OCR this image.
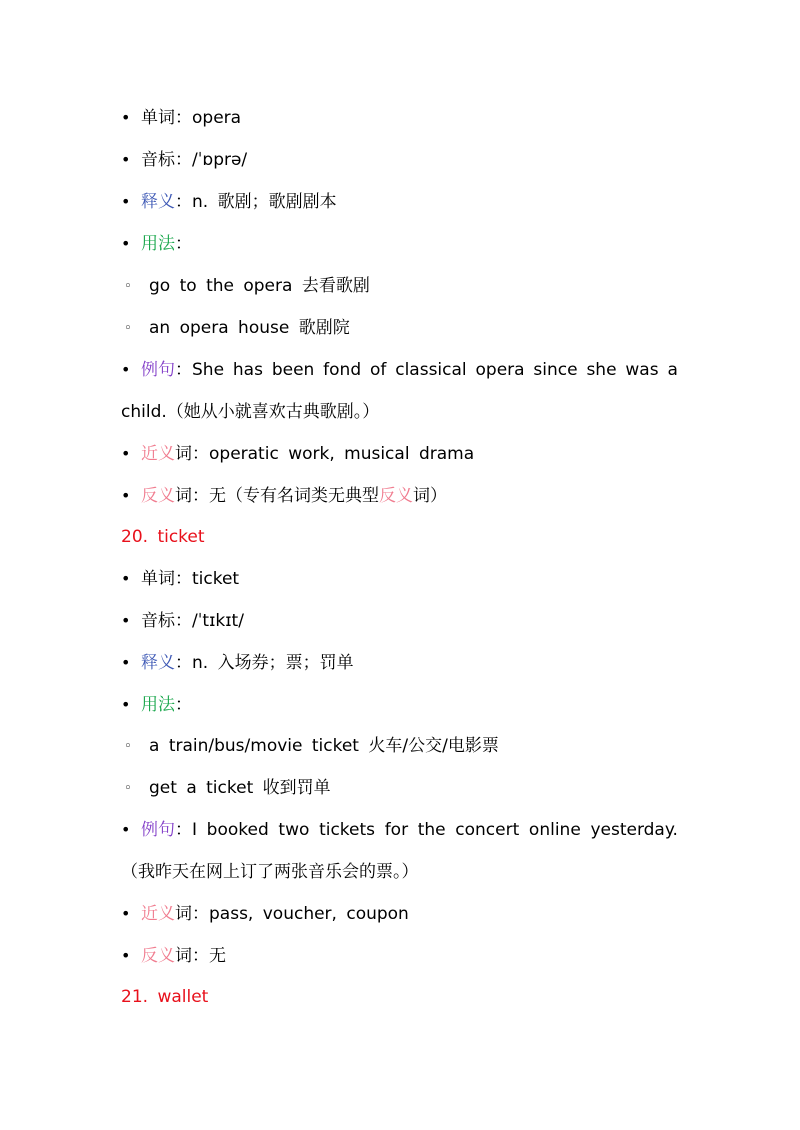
• 单词：opera
• 音标：/ˈɒprə/
• 释义：n. 歌剧；歌剧剧本
• 用法：
◦ go to the opera 去看歌剧
◦ an opera house 歌剧院
• 例句：She has been fond of classical opera since she was a
child.（她从小就喜欢古典歌剧。）
• 近义词：operatic work, musical drama
• 反义词：无（专有名词类无典型反义词）
20. ticket
• 单词：ticket
• 音标：/ˈtɪkɪt/
• 释义：n. 入场券；票；罚单
• 用法：
◦ a train/bus/movie ticket 火车/公交/电影票
◦ get a ticket 收到罚单
• 例句：I booked two tickets for the concert online yesterday.
（我昨天在网上订了两张音乐会的票。）
• 近义词：pass, voucher, coupon
• 反义词：无
21. wallet
